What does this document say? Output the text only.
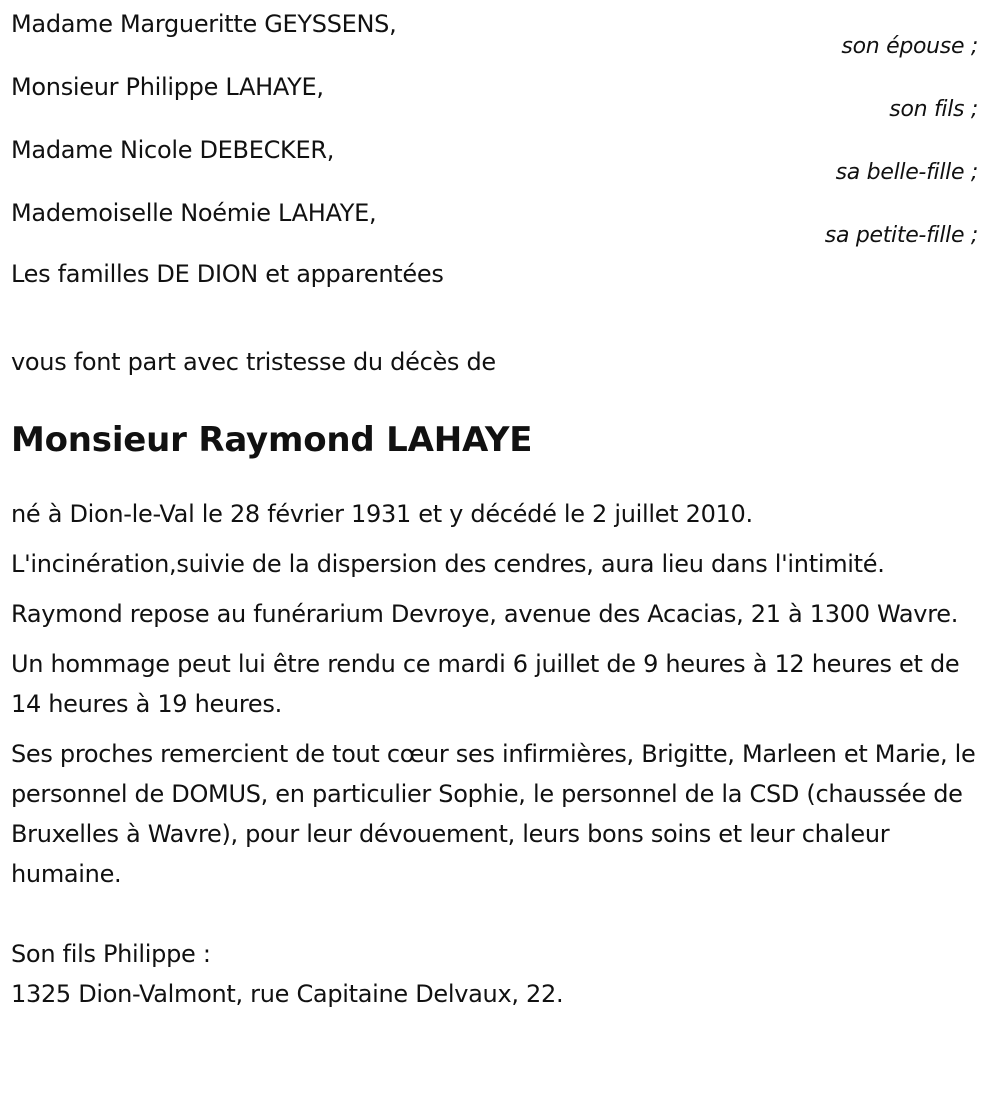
Madame Margueritte GEYSSENS,
son épouse ;
Monsieur Philippe LAHAYE,
son fils ;
Madame Nicole DEBECKER,
sa belle-fille ;
Mademoiselle Noémie LAHAYE,
sa petite-fille ;
Les familles DE DION et apparentées
vous font part avec tristesse du décès de
Monsieur Raymond LAHAYE

né à Dion-le-Val le 28 février 1931 et y décédé le 2 juillet 2010.

L'incinération,suivie de la dispersion des cendres, aura lieu dans l'intimité.

Raymond repose au funérarium Devroye, avenue des Acacias, 21 à 1300 Wavre.

Un hommage peut lui être rendu ce mardi 6 juillet de 9 heures à 12 heures et de 14 heures à 19 heures.

Ses proches remercient de tout cœur ses infirmières, Brigitte, Marleen et Marie, le personnel de DOMUS, en particulier Sophie, le personnel de la CSD (chaussée de Bruxelles à Wavre), pour leur dévouement, leurs bons soins et leur chaleur humaine.

Son fils Philippe :
1325 Dion-Valmont, rue Capitaine Delvaux, 22.
